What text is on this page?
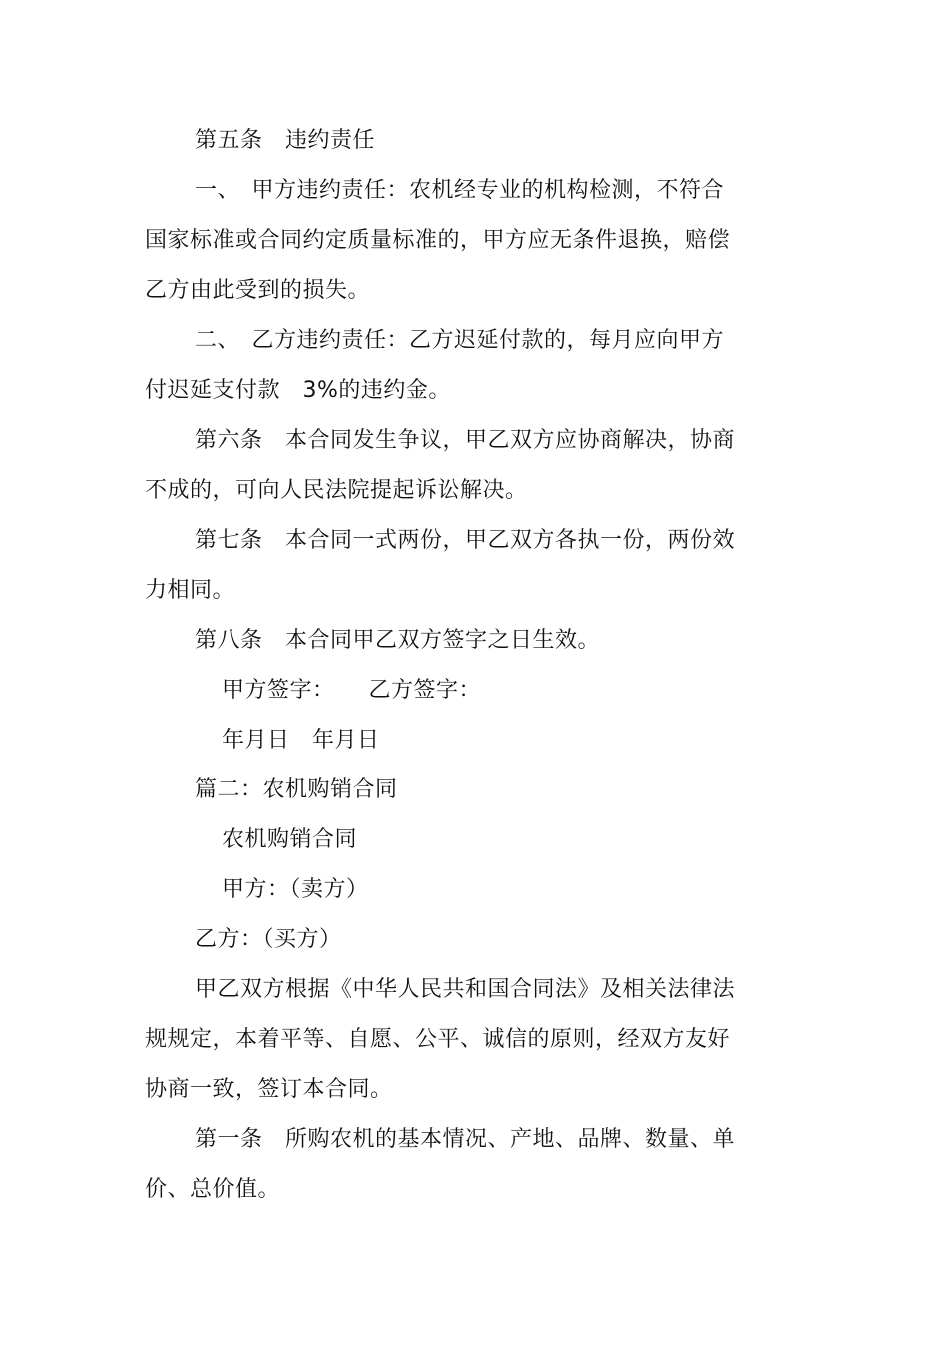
第五条　违约责任
一、　甲方违约责任：农机经专业的机构检测，不符合
国家标准或合同约定质量标准的，甲方应无条件退换，赔偿
乙方由此受到的损失。
二、　乙方违约责任：乙方迟延付款的，每月应向甲方
付迟延支付款　3%的违约金。
第六条　本合同发生争议，甲乙双方应协商解决，协商
不成的，可向人民法院提起诉讼解决。
第七条　本合同一式两份，甲乙双方各执一份，两份效
力相同。
第八条　本合同甲乙双方签字之日生效。
甲方签字：　　乙方签字：
年月日　年月日
篇二：农机购销合同
农机购销合同
甲方：（卖方）
乙方：（买方）
甲乙双方根据《中华人民共和国合同法》及相关法律法
规规定，本着平等、自愿、公平、诚信的原则，经双方友好
协商一致，签订本合同。
第一条　所购农机的基本情况、产地、品牌、数量、单
价、总价值。
